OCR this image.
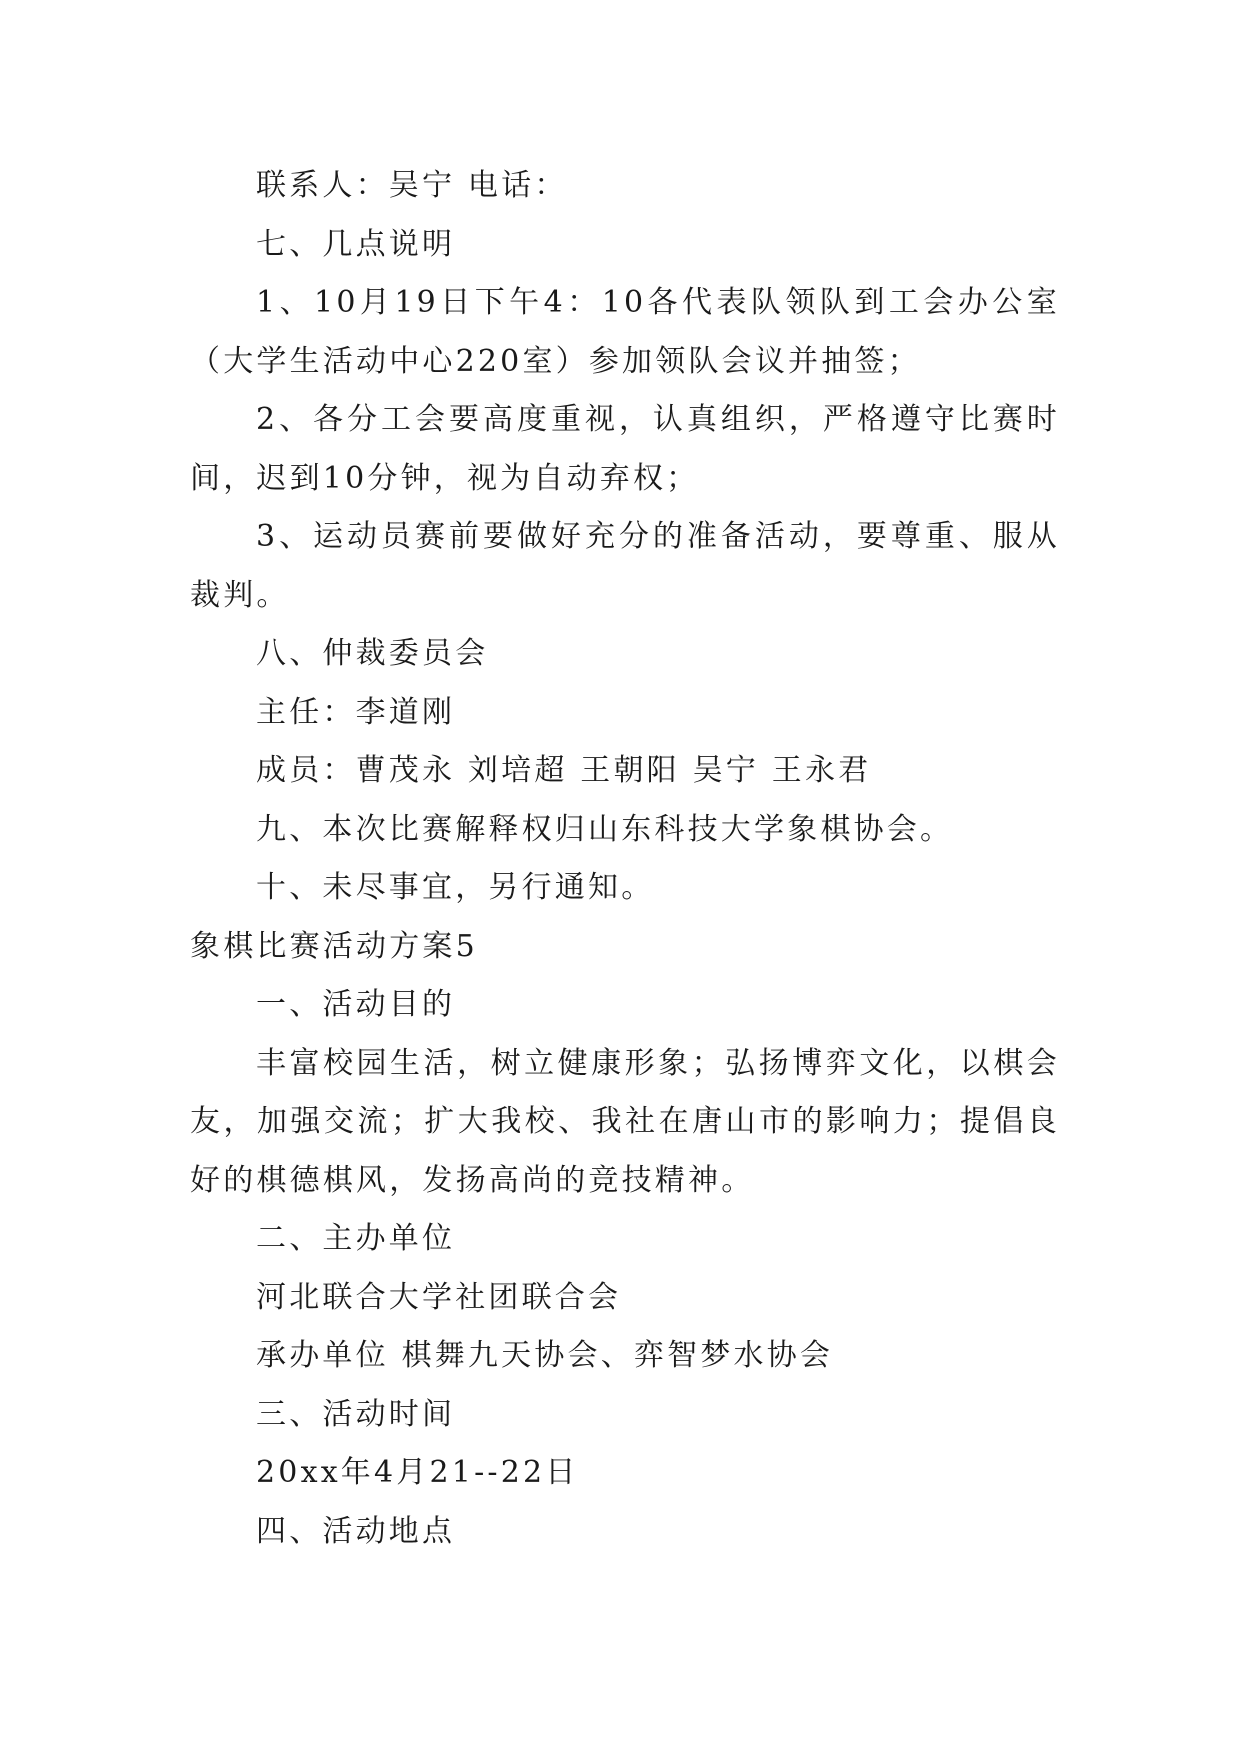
联系人：吴宁 电话：

七、几点说明

1、10月19日下午4：10各代表队领队到工会办公室（大学生活动中心220室）参加领队会议并抽签；

2、各分工会要高度重视，认真组织，严格遵守比赛时间，迟到10分钟，视为自动弃权；

3、运动员赛前要做好充分的准备活动，要尊重、服从裁判。

八、仲裁委员会

主任：李道刚

成员：曹茂永 刘培超 王朝阳 吴宁 王永君

九、本次比赛解释权归山东科技大学象棋协会。

十、未尽事宜，另行通知。

象棋比赛活动方案5

一、活动目的

丰富校园生活，树立健康形象；弘扬博弈文化，以棋会友，加强交流；扩大我校、我社在唐山市的影响力；提倡良好的棋德棋风，发扬高尚的竞技精神。

二、主办单位

河北联合大学社团联合会

承办单位 棋舞九天协会、弈智梦水协会

三、活动时间

20xx年4月21--22日

四、活动地点
